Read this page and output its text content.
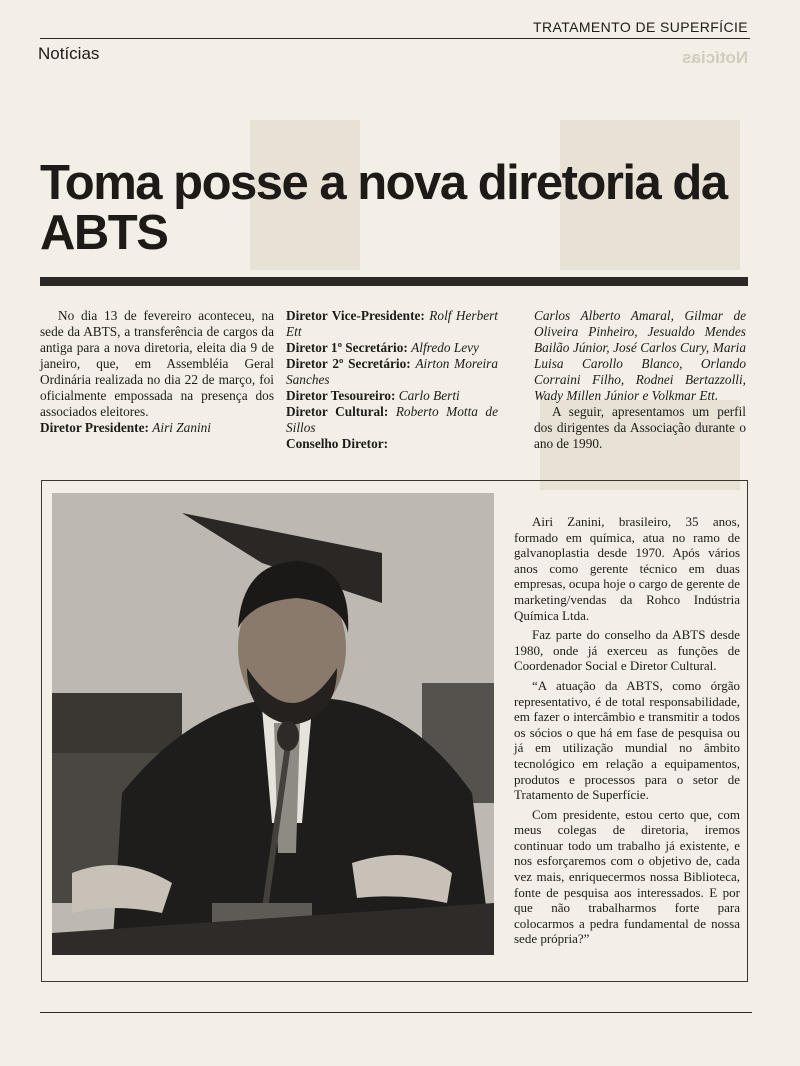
TRATAMENTO DE SUPERFÍCIE
Notícias	Notícias
Toma posse a nova diretoria da ABTS

No dia 13 de fevereiro aconteceu, na sede da ABTS, a transferência de cargos da antiga para a nova diretoria, eleita dia 9 de janeiro, que, em Assembléia Geral Ordinária realizada no dia 22 de março, foi oficialmente empossada na presença dos associados eleitores.

Diretor Presidente: Airi Zanini

Diretor Vice-Presidente: Rolf Herbert Ett

Diretor 1º Secretário: Alfredo Levy

Diretor 2º Secretário: Airton Moreira Sanches

Diretor Tesoureiro: Carlo Berti

Diretor Cultural: Roberto Motta de Sillos

Conselho Diretor:

Carlos Alberto Amaral, Gilmar de Oliveira Pinheiro, Jesualdo Mendes Bailão Júnior, José Carlos Cury, Maria Luisa Carollo Blanco, Orlando Corraini Filho, Rodnei Bertazzolli, Wady Millen Júnior e Volkmar Ett.

A seguir, apresentamos um perfil dos dirigentes da Associação durante o ano de 1990.

Airi Zanini, brasileiro, 35 anos, formado em química, atua no ramo de galvanoplastia desde 1970. Após vários anos como gerente técnico em duas empresas, ocupa hoje o cargo de gerente de marketing/vendas da Rohco Indústria Química Ltda.

Faz parte do conselho da ABTS desde 1980, onde já exerceu as funções de Coordenador Social e Diretor Cultural.

“A atuação da ABTS, como órgão representativo, é de total responsabilidade, em fazer o intercâmbio e transmitir a todos os sócios o que há em fase de pesquisa ou já em utilização mundial no âmbito tecnológico em relação a equipamentos, produtos e processos para o setor de Tratamento de Superfície.

Com presidente, estou certo que, com meus colegas de diretoria, iremos continuar todo um trabalho já existente, e nos esforçaremos com o objetivo de, cada vez mais, enriquecermos nossa Biblioteca, fonte de pesquisa aos interessados. E por que não trabalharmos forte para colocarmos a pedra fundamental de nossa sede própria?”
